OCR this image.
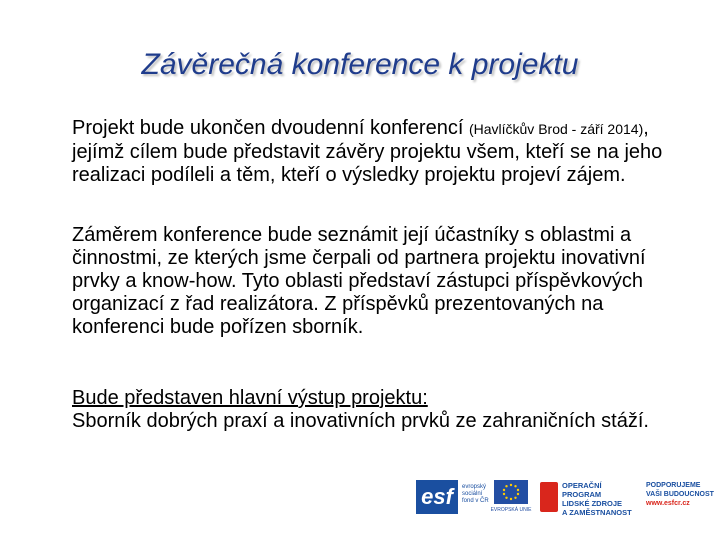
Závěrečná konference k projektu
Projekt bude ukončen dvoudenní konferencí (Havlíčkův Brod - září 2014), jejímž cílem bude představit závěry projektu všem, kteří se na jeho realizaci podíleli a těm, kteří o výsledky projektu projeví zájem.
Záměrem konference bude seznámit její účastníky s oblastmi a činnostmi, ze kterých jsme čerpali od partnera projektu inovativní prvky a know-how. Tyto oblasti představí zástupci příspěvkových organizací z řad realizátora. Z příspěvků prezentovaných na konferenci bude pořízen sborník.
Bude představen hlavní výstup projektu:
Sborník dobrých praxí a inovativních prvků ze zahraničních stáží.
esf	evropský sociální fond v ČR
EVROPSKÁ UNIE
OPERAČNÍ PROGRAM
LIDSKÉ ZDROJE
A ZAMĚSTNANOST
PODPORUJEME
VAŠI BUDOUCNOST
www.esfcr.cz
